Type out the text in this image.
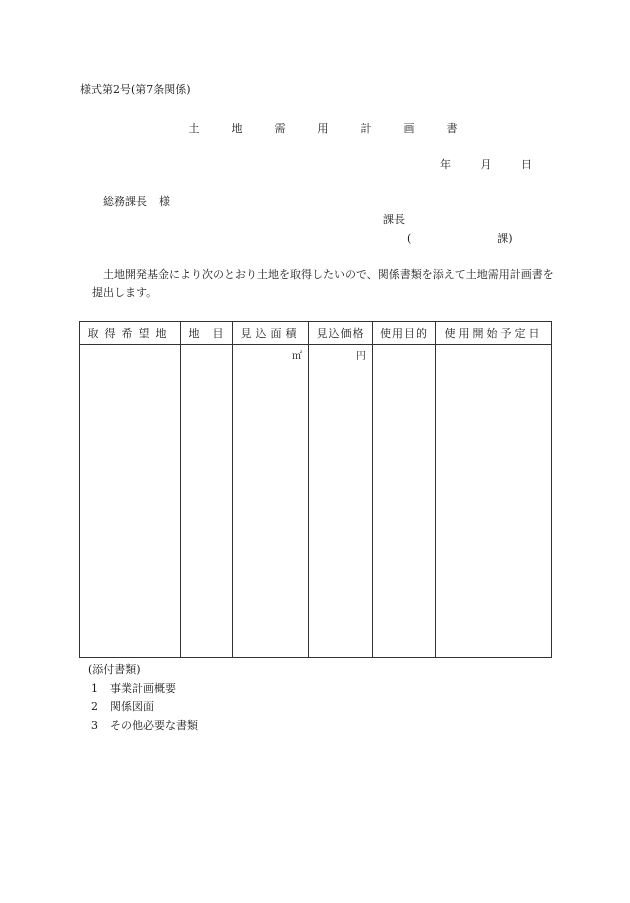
様式第2号(第7条関係)
土	地	需	用	計	画	書
年	月	日
総務課長 様
課長
(	課)
土地開発基金により次のとおり土地を取得したいので、関係書類を添えて土地需用計画書を提出します。
取得希望地	地　目	見込面積	見込価格	使用目的	使用開始予定日
		㎡	円		
(添付書類)
1 事業計画概要
2 関係図面
3 その他必要な書類
